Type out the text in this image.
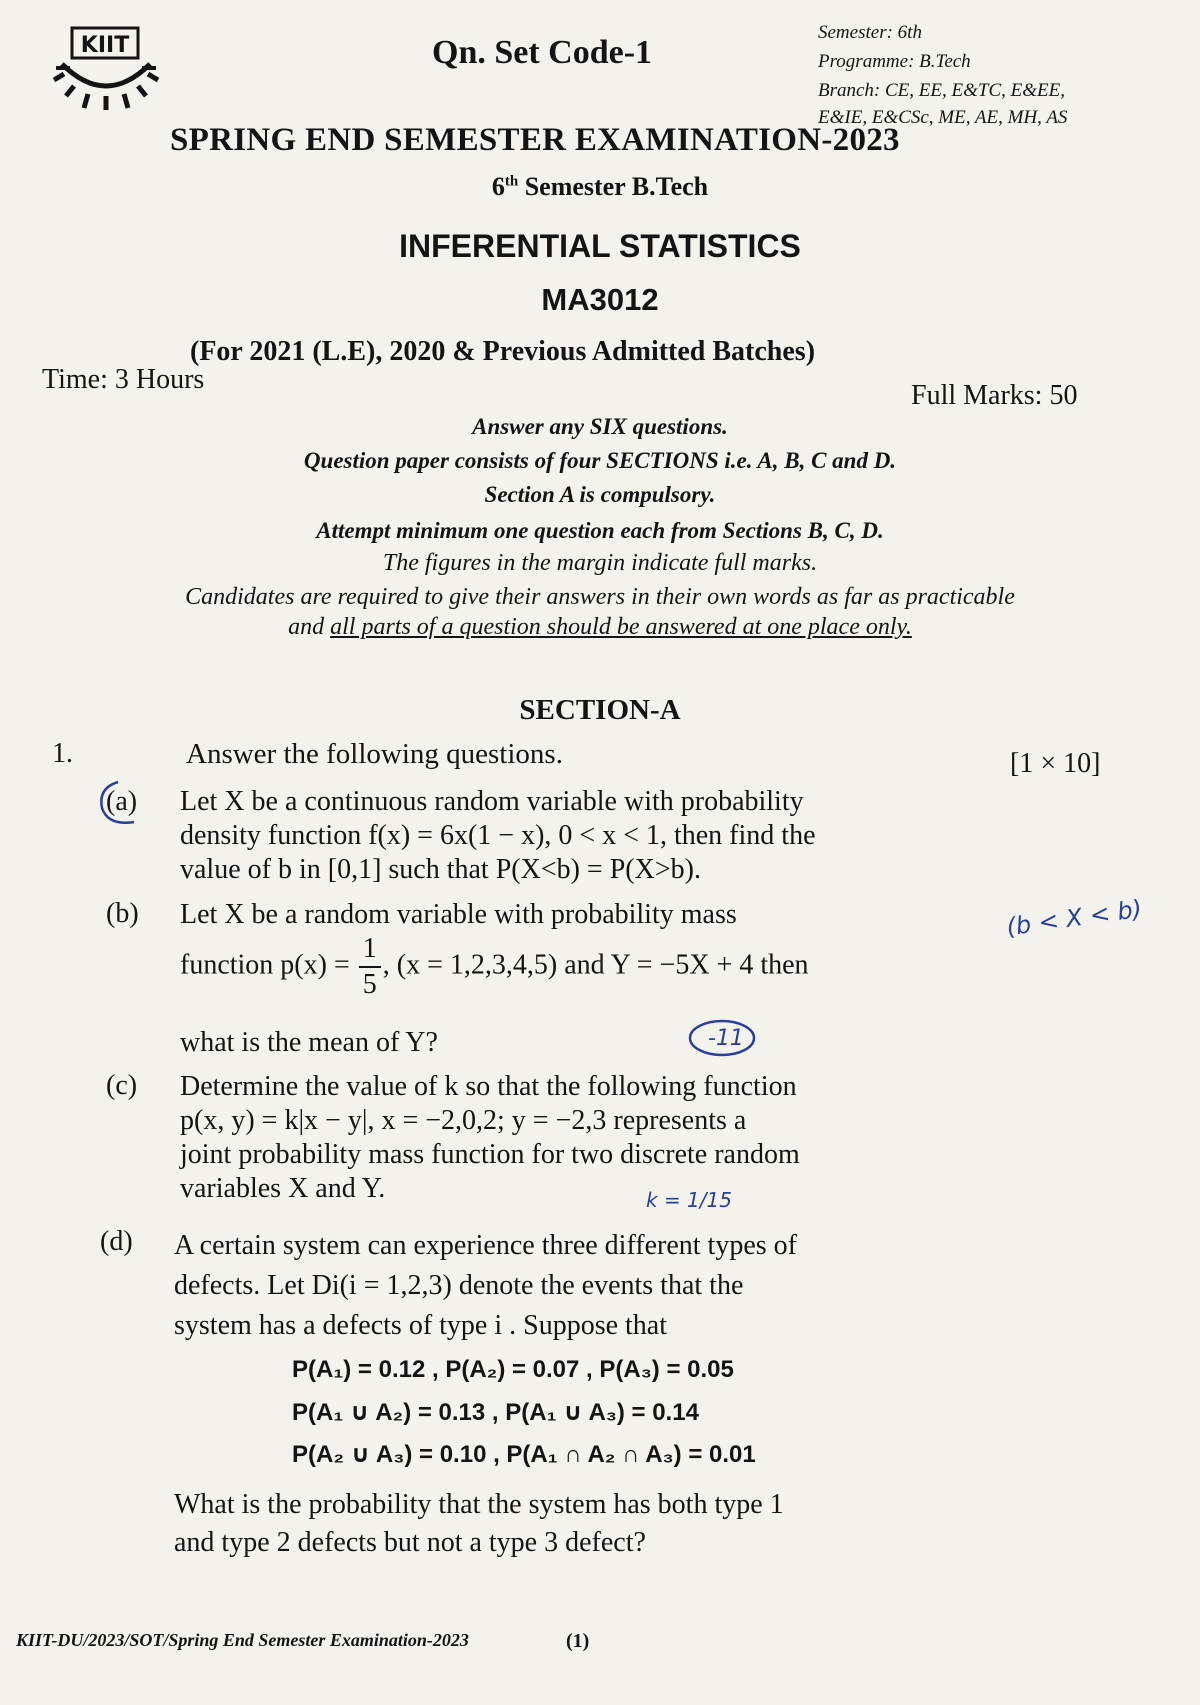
KIIT	Qn. Set Code-1
Semester: 6th
Programme: B.Tech
Branch: CE, EE, E&TC, E&EE,
E&IE, E&CSc, ME, AE, MH, AS
SPRING END SEMESTER EXAMINATION-2023
6th Semester B.Tech
INFERENTIAL STATISTICS
MA3012
(For 2021 (L.E), 2020 & Previous Admitted Batches)
Time: 3 Hours
Full Marks: 50
Answer any SIX questions.
Question paper consists of four SECTIONS i.e. A, B, C and D.
Section A is compulsory.
Attempt minimum one question each from Sections B, C, D.
The figures in the margin indicate full marks.
Candidates are required to give their answers in their own words as far as practicable
and all parts of a question should be answered at one place only.
SECTION-A
1.	Answer the following questions.	[1 × 10]
(a) Let X be a continuous random variable with probability
density function f(x) = 6x(1 − x), 0 < x < 1, then find the
value of b in [0,1] such that P(X<b) = P(X>b).
(b) Let X be a random variable with probability mass
function $p(x) = \frac{1}{5}$ , (x = 1,2,3,4,5) and Y = −5X + 4 then
what is the mean of Y?
(c) Determine the value of k so that the following function
p(x, y) = k|x − y|, x = −2,0,2; y = −2,3 represents a
joint probability mass function for two discrete random
variables X and Y.
(d) A certain system can experience three different types of
defects. Let Di(i = 1,2,3) denote the events that the
system has a defects of type i . Suppose that
P(A₁) = 0.12 , P(A₂) = 0.07 , P(A₃) = 0.05
P(A₁ ∪ A₂) = 0.13 , P(A₁ ∪ A₃) = 0.14
P(A₂ ∪ A₃) = 0.10 , P(A₁ ∩ A₂ ∩ A₃) = 0.01
What is the probability that the system has both type 1
and type 2 defects but not a type 3 defect?
(b < X < b)
-11
k = 1/15
KIIT-DU/2023/SOT/Spring End Semester Examination-2023	(1)
